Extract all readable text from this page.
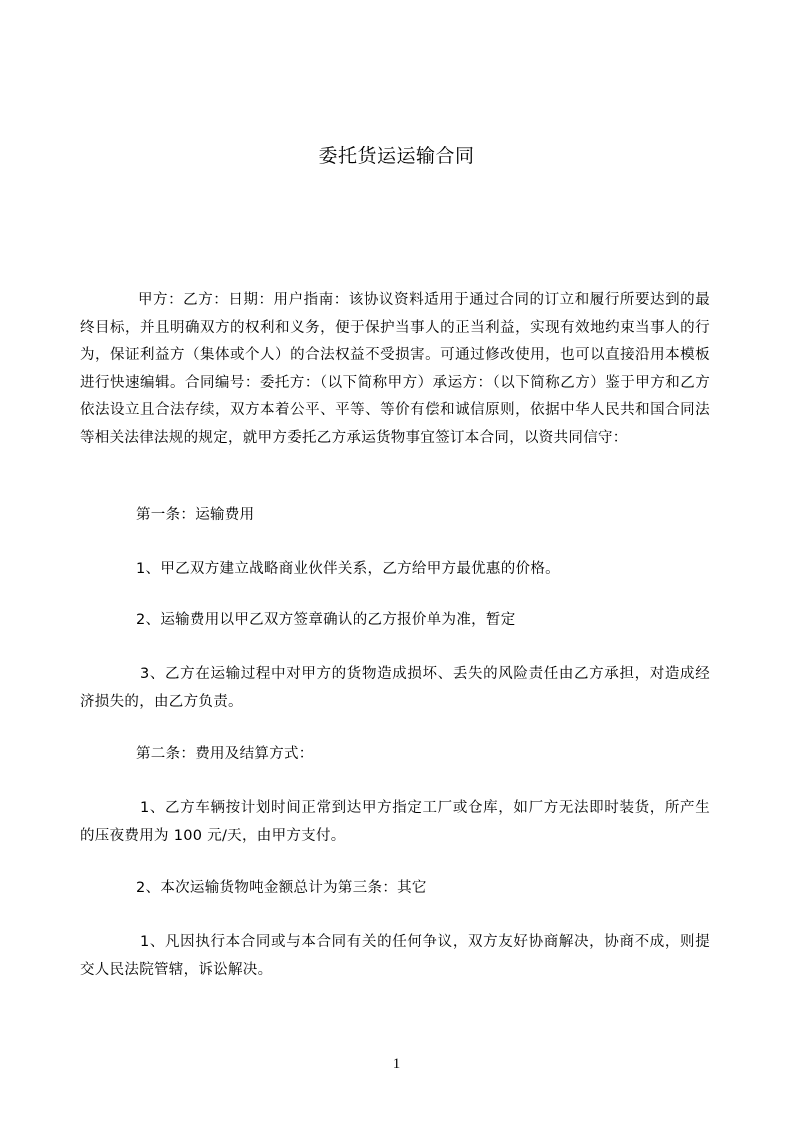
委托货运运输合同
甲方：乙方：日期：用户指南：该协议资料适用于通过合同的订立和履行所要达到的最终目标，并且明确双方的权利和义务，便于保护当事人的正当利益，实现有效地约束当事人的行为，保证利益方（集体或个人）的合法权益不受损害。可通过修改使用，也可以直接沿用本模板进行快速编辑。合同编号：委托方：（以下简称甲方）承运方：（以下简称乙方）鉴于甲方和乙方依法设立且合法存续，双方本着公平、平等、等价有偿和诚信原则，依据中华人民共和国合同法等相关法律法规的规定，就甲方委托乙方承运货物事宜签订本合同，以资共同信守：
第一条：运输费用
1、甲乙双方建立战略商业伙伴关系，乙方给甲方最优惠的价格。
2、运输费用以甲乙双方签章确认的乙方报价单为准，暂定
3、乙方在运输过程中对甲方的货物造成损坏、丢失的风险责任由乙方承担，对造成经济损失的，由乙方负责。
第二条：费用及结算方式：
1、乙方车辆按计划时间正常到达甲方指定工厂或仓库，如厂方无法即时装货，所产生的压夜费用为 100 元/天，由甲方支付。
2、本次运输货物吨金额总计为第三条：其它
1、凡因执行本合同或与本合同有关的任何争议，双方友好协商解决，协商不成，则提交人民法院管辖，诉讼解决。
1
